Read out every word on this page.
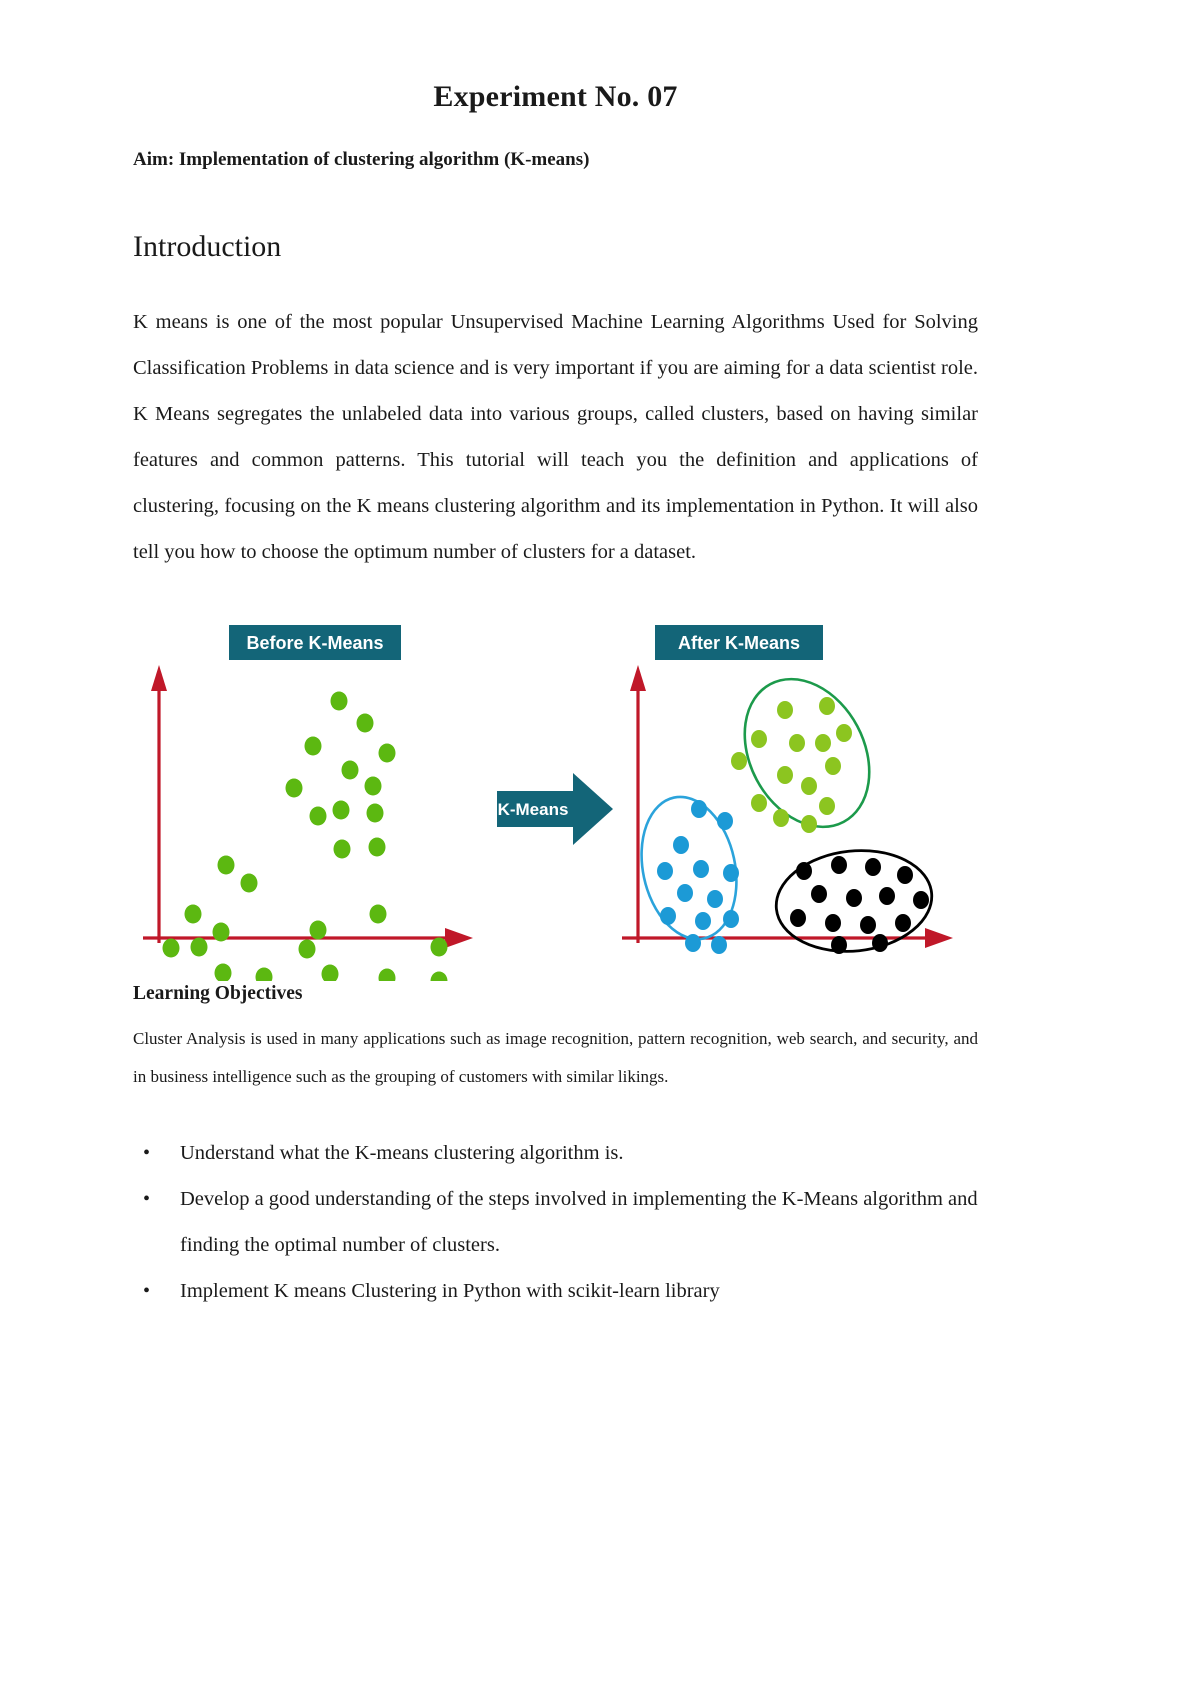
Experiment No. 07

Aim: Implementation of clustering algorithm (K-means)

Introduction

K means is one of the most popular Unsupervised Machine Learning Algorithms Used for Solving Classification Problems in data science and is very important if you are aiming for a data scientist role. K Means segregates the unlabeled data into various groups, called clusters, based on having similar features and common patterns. This tutorial will teach you the definition and applications of clustering, focusing on the K means clustering algorithm and its implementation in Python. It will also tell you how to choose the optimum number of clusters for a dataset.

Before K-Means	After K-Means
K-Means
Learning Objectives

Cluster Analysis is used in many applications such as image recognition, pattern recognition, web search, and security, and in business intelligence such as the grouping of customers with similar likings.

• Understand what the K-means clustering algorithm is.
• Develop a good understanding of the steps involved in implementing the K-Means algorithm and finding the optimal number of clusters.
• Implement K means Clustering in Python with scikit-learn library
